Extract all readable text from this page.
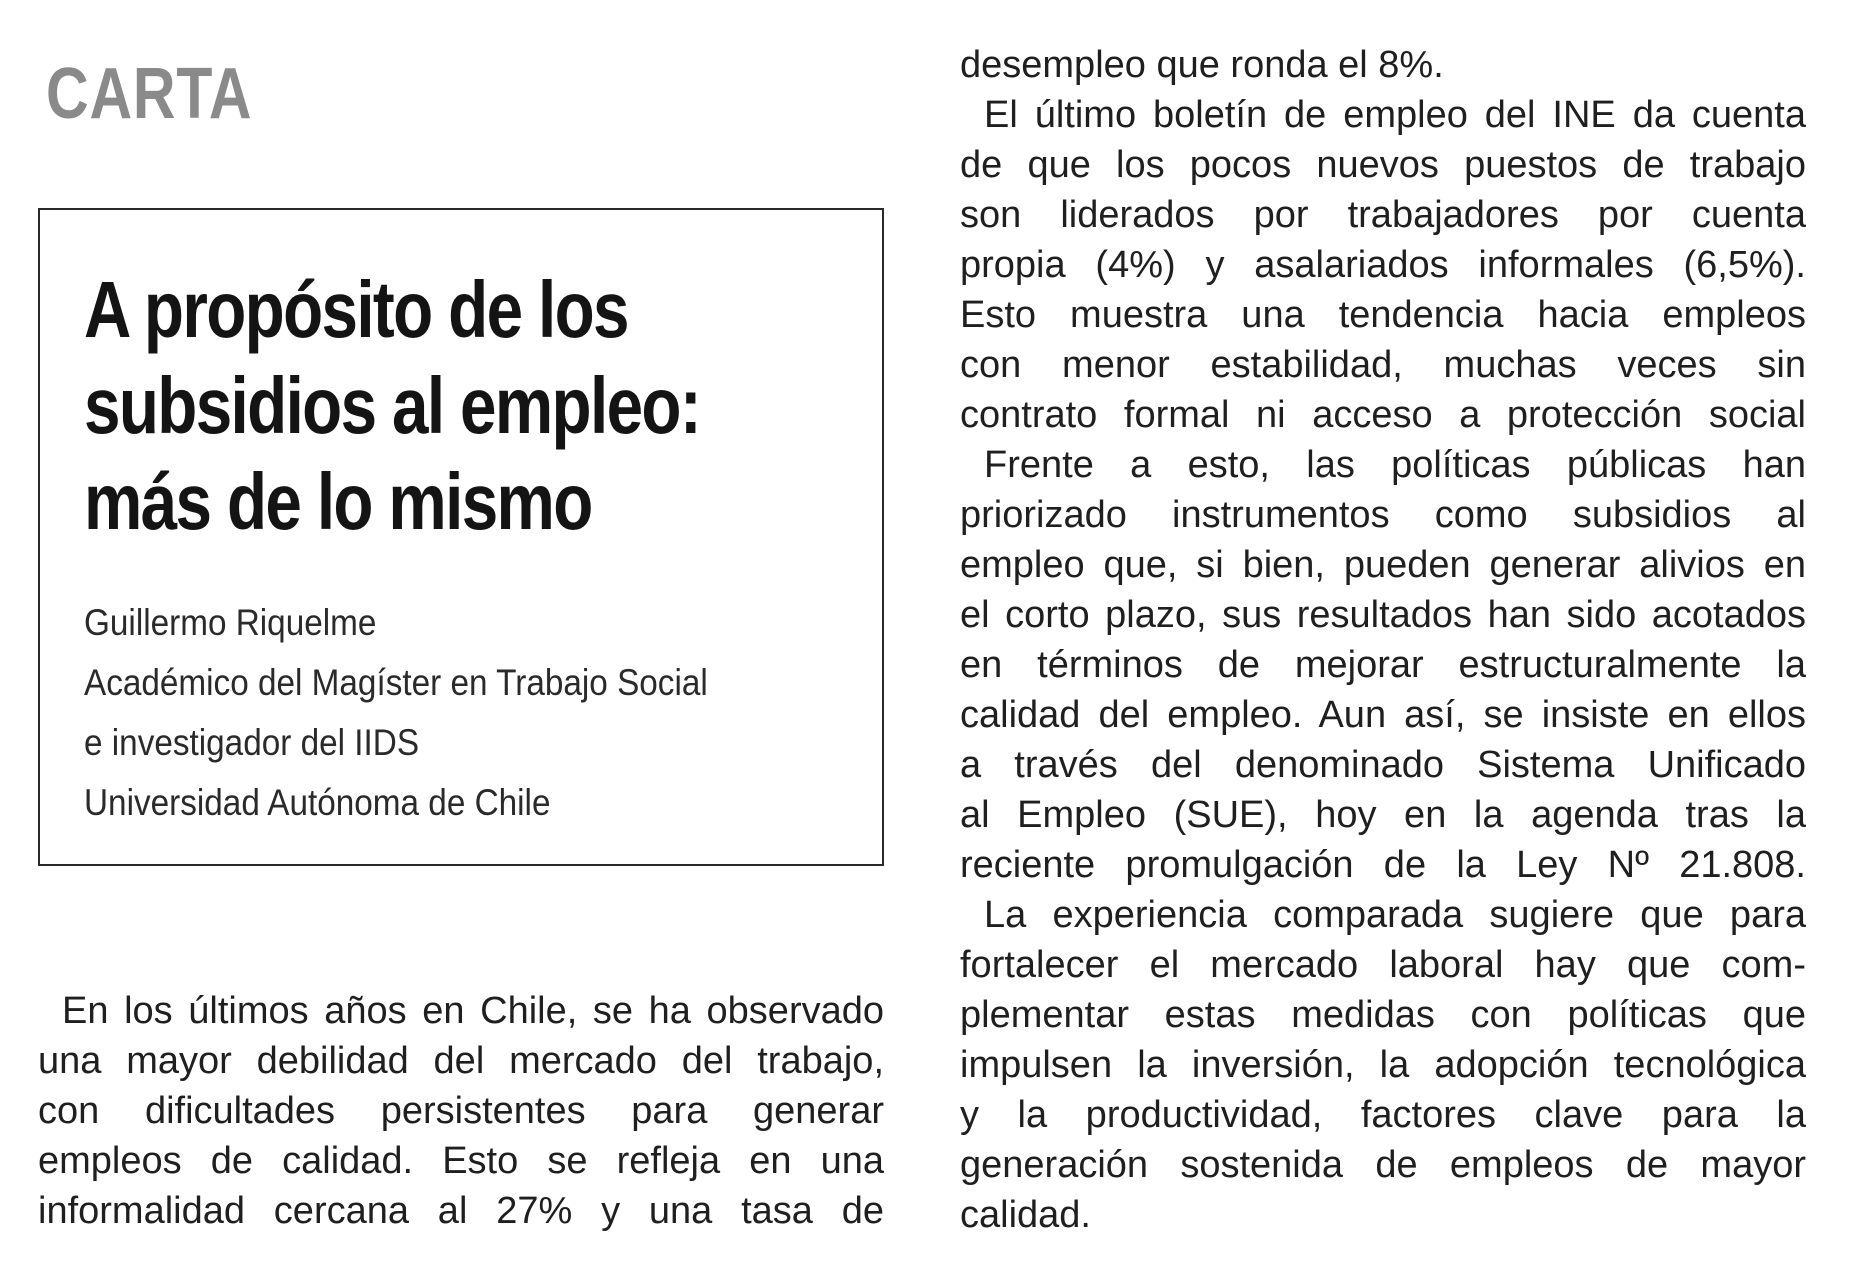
CARTA
A propósito de los
subsidios al empleo:
más de lo mismo
Guillermo Riquelme
Académico del Magíster en Trabajo Social
e investigador del IIDS
Universidad Autónoma de Chile
En los últimos años en Chile, se ha observado
una mayor debilidad del mercado del trabajo,
con dificultades persistentes para generar
empleos de calidad. Esto se refleja en una
informalidad cercana al 27% y una tasa de
desempleo que ronda el 8%.
El último boletín de empleo del INE da cuenta
de que los pocos nuevos puestos de trabajo
son liderados por trabajadores por cuenta
propia (4%) y asalariados informales (6,5%).
Esto muestra una tendencia hacia empleos
con menor estabilidad, muchas veces sin
contrato formal ni acceso a protección social
Frente a esto, las políticas públicas han
priorizado instrumentos como subsidios al
empleo que, si bien, pueden generar alivios en
el corto plazo, sus resultados han sido acotados
en términos de mejorar estructuralmente la
calidad del empleo. Aun así, se insiste en ellos
a través del denominado Sistema Unificado
al Empleo (SUE), hoy en la agenda tras la
reciente promulgación de la Ley Nº 21.808.
La experiencia comparada sugiere que para
fortalecer el mercado laboral hay que com-
plementar estas medidas con políticas que
impulsen la inversión, la adopción tecnológica
y la productividad, factores clave para la
generación sostenida de empleos de mayor
calidad.
